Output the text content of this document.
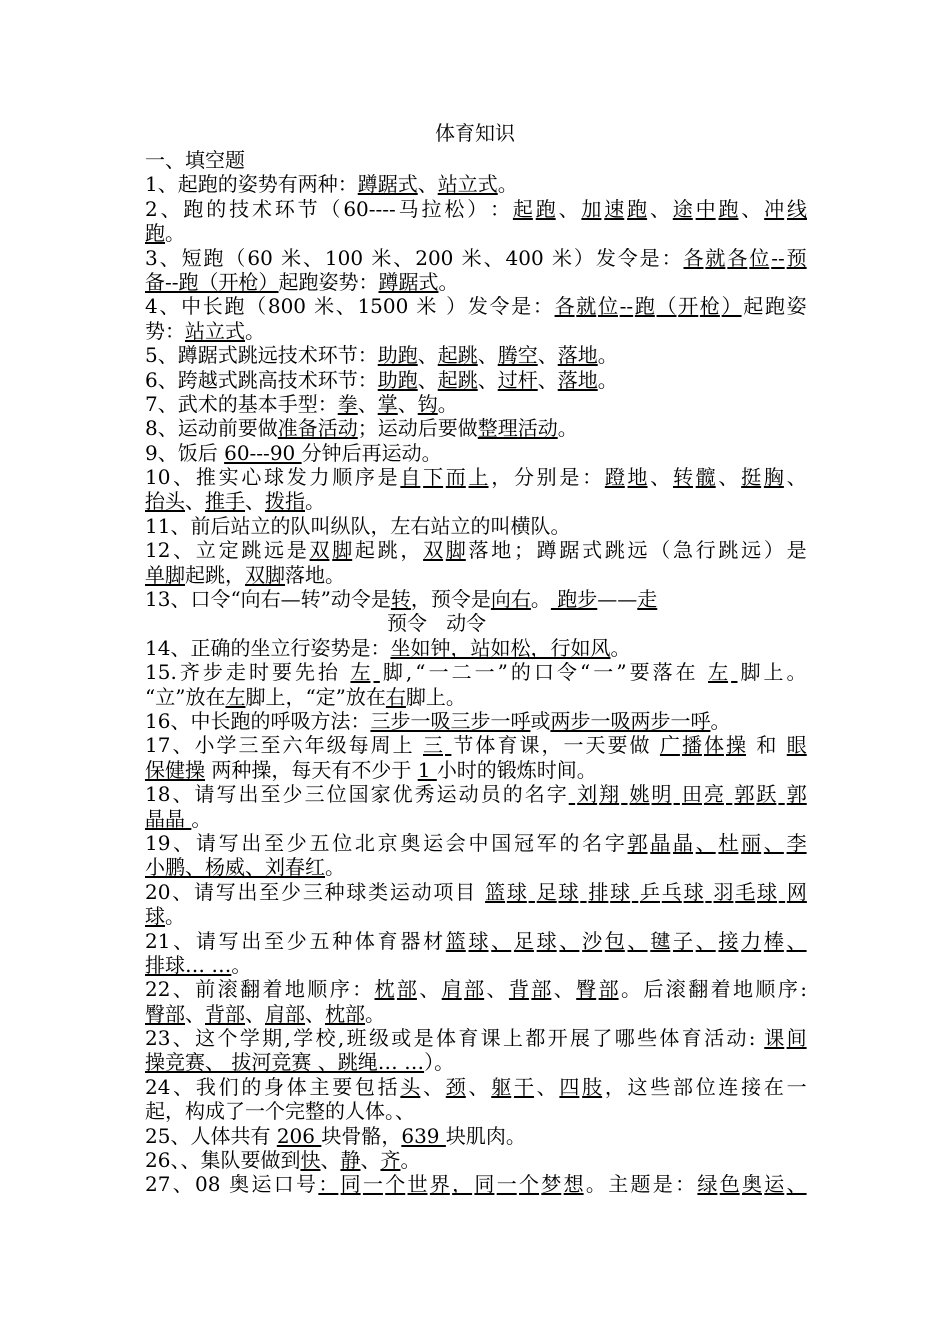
体育知识
一、填空题
1、起跑的姿势有两种：蹲踞式、站立式。
2 、 跑 的 技 术 环 节 （ 60---- 马 拉 松 ） ： 起 跑 、 加 速 跑 、 途 中 跑 、 冲 线
跑。
3 、 短 跑 （ 60 米 、 100 米 、 200 米 、 400 米 ） 发 令 是 ： 各 就 各 位 -- 预
备--跑（开枪）起跑姿势：蹲踞式。
4 、 中 长 跑 （ 800 米 、 1500 米
） 发 令 是 ： 各 就 位 -- 跑 （ 开 枪 ） 起 跑 姿
势：站立式。
5、蹲踞式跳远技术环节：助跑、起跳、腾空、落地。
6、跨越式跳高技术环节：助跑、起跳、过杆、落地。
7、武术的基本手型：拳、掌、钩。
8、运动前要做准备活动；运动后要做整理活动。
9、饭后 60---90 分钟后再运动。
10 、 推 实 心 球 发 力 顺 序 是 自 下 而 上 ， 分 别 是 ： 蹬 地 、 转 髋 、 挺 胸 、
抬头、推手、拨指。
11、前后站立的队叫纵队，左右站立的叫横队。
12 、 立 定 跳 远 是 双 脚 起 跳 ， 双 脚 落 地 ； 蹲 踞 式 跳 远 （ 急 行 跳 远 ） 是
单脚起跳，双脚落地。
13、口令“向右—转”动令是转，预令是向右。 跑步——走
预令   动令
14、正确的坐立行姿势是：坐如钟，站如松，行如风。
15. 齐 步 走 时 要 先 抬
左
脚 , “ 一 二 一 ” 的 口 令 “ 一 ” 要 落 在
左
脚 上 。
“立”放在左脚上，“定”放在右脚上。
16、中长跑的呼吸方法：三步一吸三步一呼或两步一吸两步一呼。
17 、 小 学 三 至 六 年 级 每 周 上
三
节 体 育 课 ， 一 天 要 做
广 播 体 操
和
眼
保健操 两种操，每天有不少于 1 小时的锻炼时间。
18 、 请 写 出 至 少 三 位 国 家 优 秀 运 动 员 的 名 字
刘 翔
姚 明
田 亮
郭 跃
郭
晶晶 。
19 、 请 写 出 至 少 五 位 北 京 奥 运 会 中 国 冠 军 的 名 字 郭 晶 晶 、 杜 丽 、 李
小鹏、杨威、刘春红。
20 、 请 写 出 至 少 三 种 球 类 运 动 项 目
篮 球
足 球
排 球
乒 乓 球
羽 毛 球
网
球。
21 、 请 写 出 至 少 五 种 体 育 器 材 篮 球 、 足 球 、 沙 包 、 毽 子 、 接 力 棒 、
排球… …。
22 、 前 滚 翻 着 地 顺 序 ： 枕 部 、 肩 部 、 背 部 、 臀 部 。 后 滚 翻 着 地 顺 序 :
臀部、背部、肩部、枕部。
23 、 这 个 学 期 , 学 校 , 班 级 或 是 体 育 课 上 都 开 展 了 哪 些 体 育 活 动 : 课 间
操竞赛、 拔河竞赛 、跳绳… …）。
24 、 我 们 的 身 体 主 要 包 括 头 、 颈 、 躯 干 、 四 肢 ， 这 些 部 位 连 接 在 一
起，构成了一个完整的人体。、
25、人体共有 206 块骨骼，639 块肌肉。
26、、集队要做到快、静、齐。
27 、 08 奥 运 口 号 ： 同 一 个 世 界 ， 同 一 个 梦 想 。 主 题 是 ： 绿 色 奥 运 、
